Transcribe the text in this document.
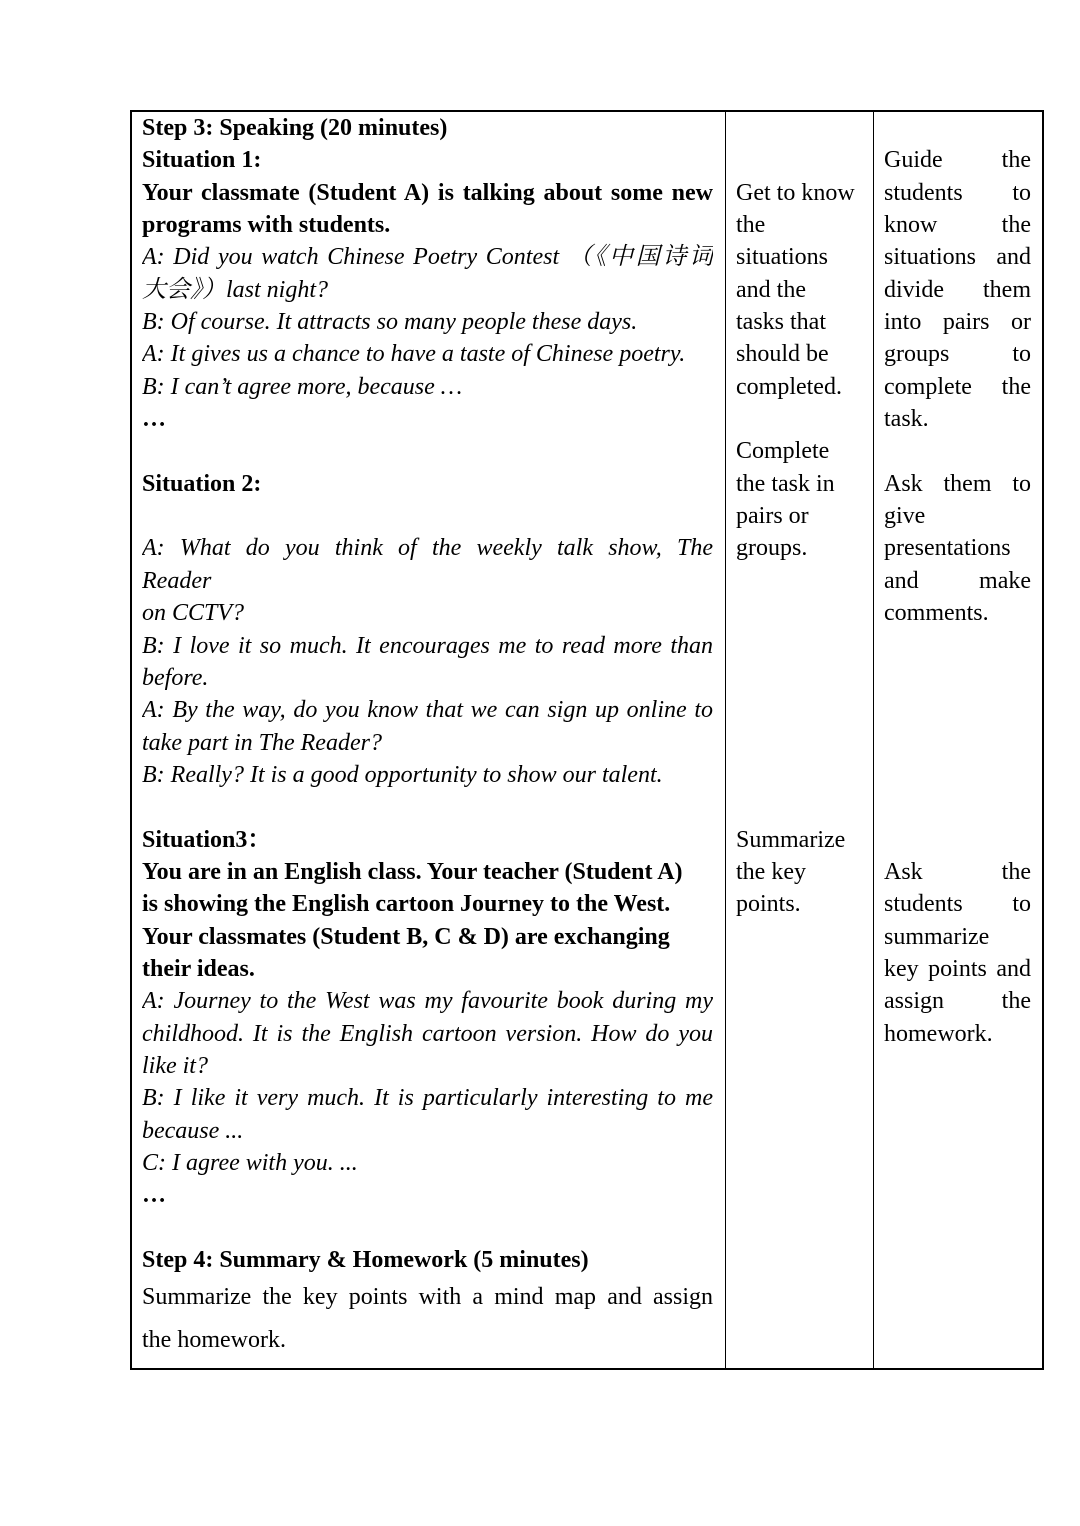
Step 3: Speaking (20 minutes)
Situation 1:
Your classmate (Student A) is talking about some new
programs with students.
A: Did you watch Chinese Poetry Contest （《中国诗词
大会》）last night?
B: Of course. It attracts so many people these days.
A: It gives us a chance to have a taste of Chinese poetry.
B: I can’t agree more, because …
…
Situation 2:
A: What do you think of the weekly talk show, The
Reader
on CCTV?
B: I love it so much. It encourages me to read more than
before.
A: By the way, do you know that we can sign up online to
take part in The Reader?
B: Really? It is a good opportunity to show our talent.
Situation3：
You are in an English class. Your teacher (Student A)
is showing the English cartoon Journey to the West.
Your classmates (Student B, C & D) are exchanging
their ideas.
A: Journey to the West was my favourite book during my
childhood. It is the English cartoon version. How do you
like it?
B: I like it very much. It is particularly interesting to me
because ...
C: I agree with you. ...
…
Step 4: Summary & Homework (5 minutes)
Summarize the key points with a mind map and assign
the homework.
Get to know
the
situations
and the
tasks that
should be
completed.
Complete
the task in
pairs or
groups.
Summarize
the key
points.
Guide the
students to
know the
situations and
divide them
into pairs or
groups to
complete the
task.
Ask them to
give
presentations
and make
comments.
Ask the
students to
summarize
key points and
assign the
homework.
